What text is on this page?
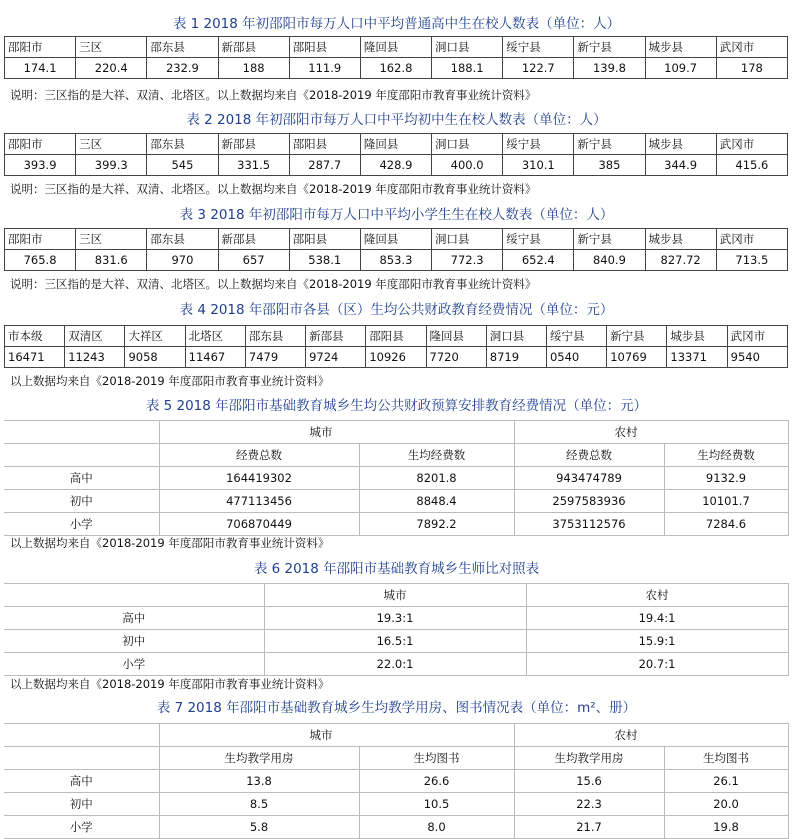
表 1 2018 年初邵阳市每万人口中平均普通高中生在校人数表（单位：人）
邵阳市	三区	邵东县	新邵县	邵阳县	隆回县	洞口县	绥宁县	新宁县	城步县	武冈市
174.1	220.4	232.9	188	111.9	162.8	188.1	122.7	139.8	109.7	178
说明：三区指的是大祥、双清、北塔区。以上数据均来自《2018-2019 年度邵阳市教育事业统计资料》
表 2 2018 年初邵阳市每万人口中平均初中生在校人数表（单位：人）
邵阳市	三区	邵东县	新邵县	邵阳县	隆回县	洞口县	绥宁县	新宁县	城步县	武冈市
393.9	399.3	545	331.5	287.7	428.9	400.0	310.1	385	344.9	415.6
说明：三区指的是大祥、双清、北塔区。以上数据均来自《2018-2019 年度邵阳市教育事业统计资料》
表 3 2018 年初邵阳市每万人口中平均小学生生在校人数表（单位：人）
邵阳市	三区	邵东县	新邵县	邵阳县	隆回县	洞口县	绥宁县	新宁县	城步县	武冈市
765.8	831.6	970	657	538.1	853.3	772.3	652.4	840.9	827.72	713.5
说明：三区指的是大祥、双清、北塔区。以上数据均来自《2018-2019 年度邵阳市教育事业统计资料》
表 4 2018 年邵阳市各县（区）生均公共财政教育经费情况（单位：元）
市本级	双清区	大祥区	北塔区	邵东县	新邵县	邵阳县	隆回县	洞口县	绥宁县	新宁县	城步县	武冈市
16471	11243	9058	11467	7479	9724	10926	7720	8719	0540	10769	13371	9540
以上数据均来自《2018-2019 年度邵阳市教育事业统计资料》
表 5 2018 年邵阳市基础教育城乡生均公共财政预算安排教育经费情况（单位：元）
	城市		农村	
	经费总数	生均经费数	经费总数	生均经费数
高中	164419302	8201.8	943474789	9132.9
初中	477113456	8848.4	2597583936	10101.7
小学	706870449	7892.2	3753112576	7284.6
以上数据均来自《2018-2019 年度邵阳市教育事业统计资料》
表 6 2018 年邵阳市基础教育城乡生师比对照表
	城市	农村
高中	19.3:1	19.4:1
初中	16.5:1	15.9:1
小学	22.0:1	20.7:1
以上数据均来自《2018-2019 年度邵阳市教育事业统计资料》
表 7 2018 年邵阳市基础教育城乡生均教学用房、图书情况表（单位：m²、册）
	城市		农村	
	生均教学用房	生均图书	生均教学用房	生均图书
高中	13.8	26.6	15.6	26.1
初中	8.5	10.5	22.3	20.0
小学	5.8	8.0	21.7	19.8
